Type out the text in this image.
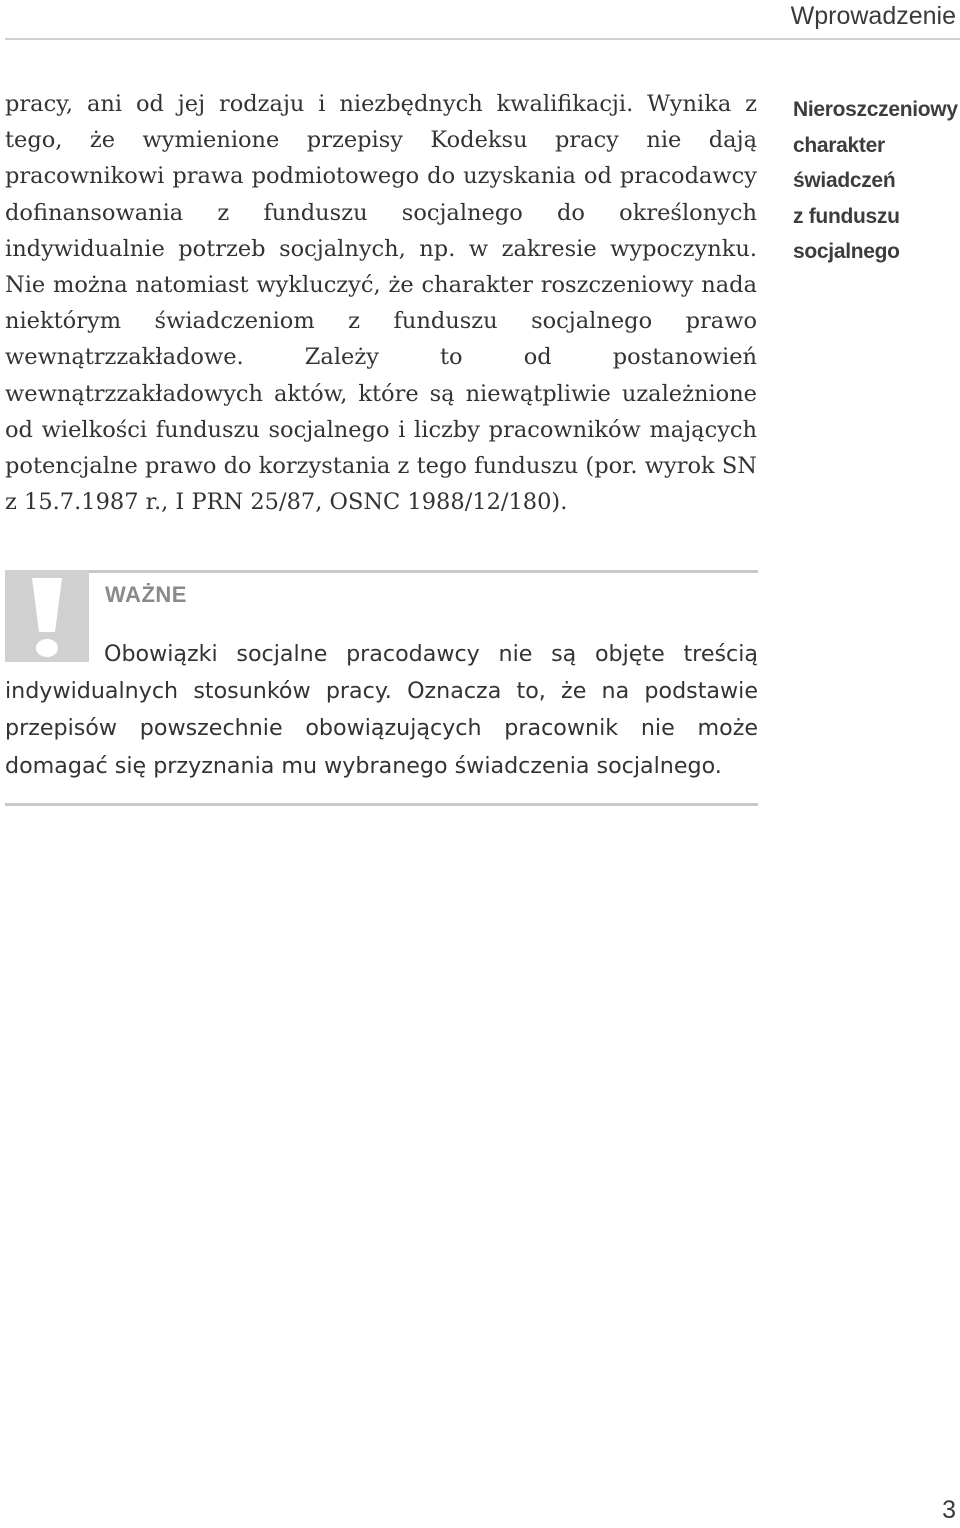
Wprowadzenie

pracy, ani od jej rodzaju i niezbędnych kwalifikacji. Wynika z tego, że wymienione przepisy Kodeksu pracy nie dają pracownikowi prawa podmiotowego do uzyskania od pracodawcy dofinansowania z funduszu socjalnego do określonych indywidualnie potrzeb socjalnych, np. w zakresie wypoczynku. Nie można natomiast wykluczyć, że charakter roszczeniowy nada niektórym świadczeniom z funduszu socjalnego prawo wewnątrzzakładowe. Zależy to od postanowień wewnątrzzakładowych aktów, które są niewątpliwie uzależnione od wielkości funduszu socjalnego i liczby pracowników mających potencjalne prawo do korzystania z tego funduszu (por. wyrok SN z 15.7.1987 r., I PRN 25/87, OSNC 1988/12/180).

Nieroszczeniowy
charakter
świadczeń
z funduszu
socjalnego
WAŻNE

Obowiązki socjalne pracodawcy nie są objęte treścią indywidualnych stosunków pracy. Oznacza to, że na podstawie przepisów powszechnie obowiązujących pracownik nie może domagać się przyznania mu wybranego świadczenia socjalnego.

3
